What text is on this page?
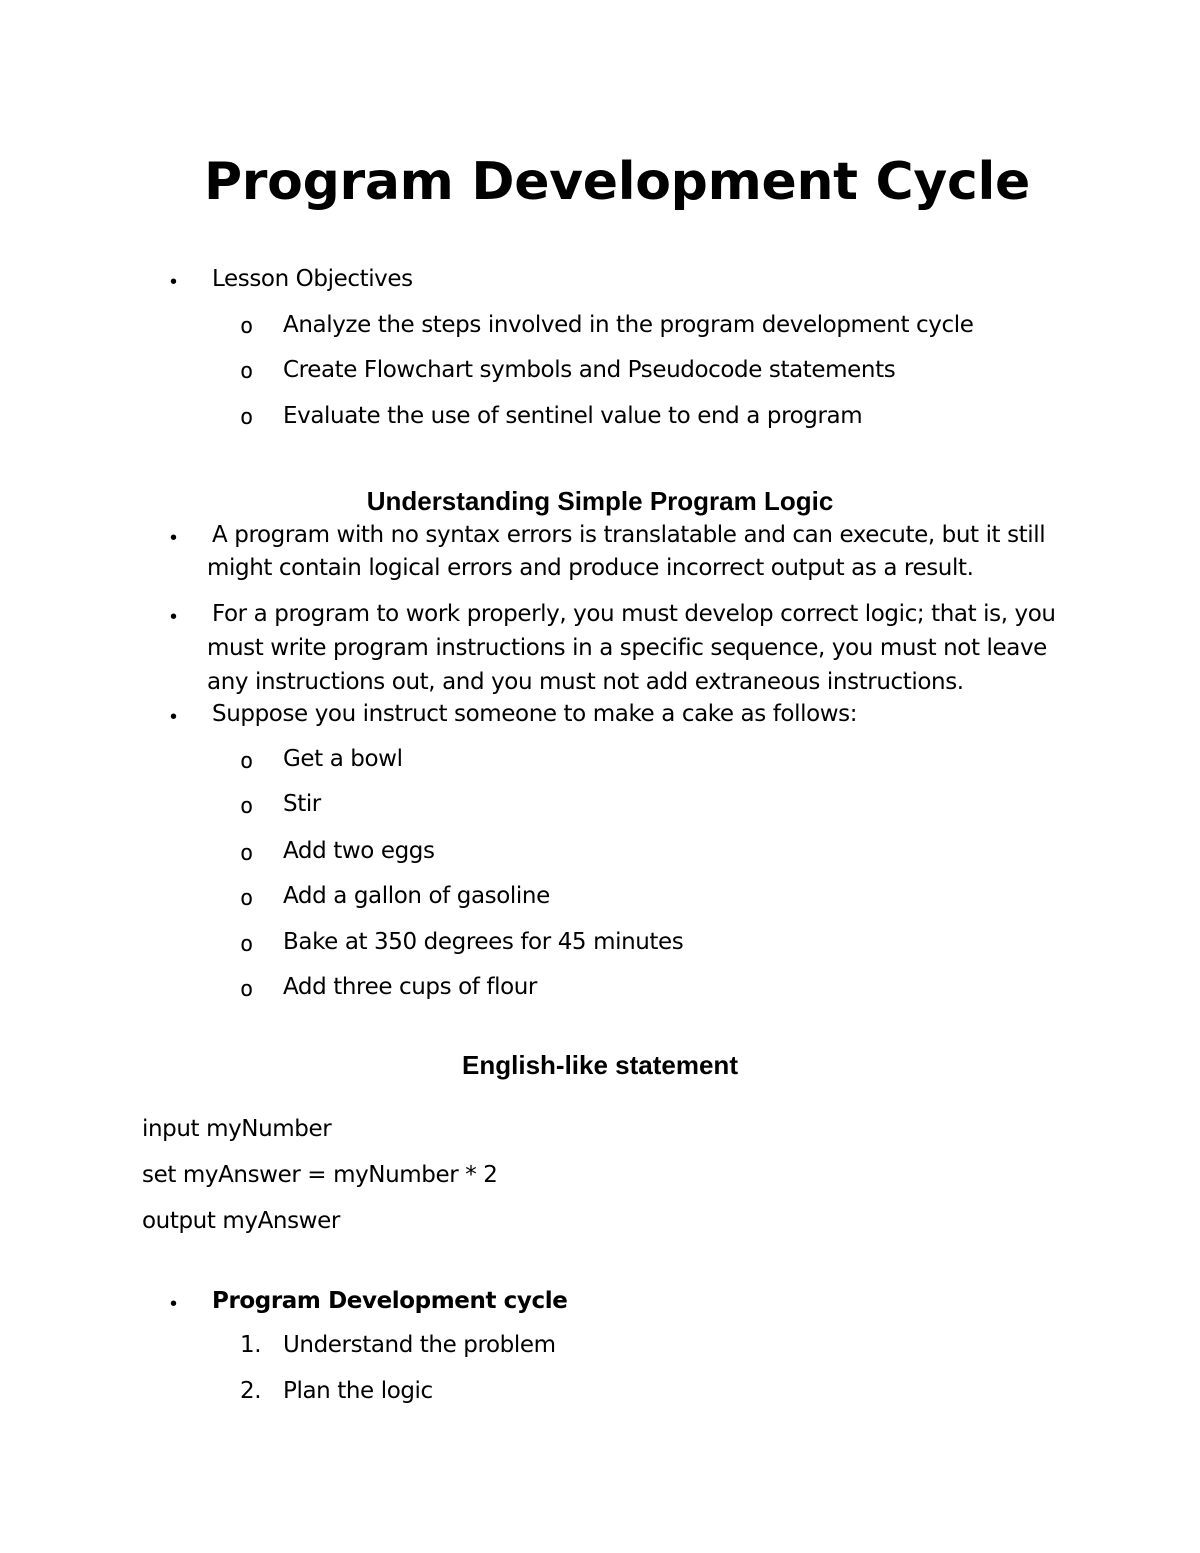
Program Development Cycle
• Lesson Objectives
o Analyze the steps involved in the program development cycle
o Create Flowchart symbols and Pseudocode statements
o Evaluate the use of sentinel value to end a program
Understanding Simple Program Logic
• A program with no syntax errors is translatable and can execute, but it still
might contain logical errors and produce incorrect output as a result.
• For a program to work properly, you must develop correct logic; that is, you
must write program instructions in a specific sequence, you must not leave
any instructions out, and you must not add extraneous instructions.
• Suppose you instruct someone to make a cake as follows:
o Get a bowl
o Stir
o Add two eggs
o Add a gallon of gasoline
o Bake at 350 degrees for 45 minutes
o Add three cups of flour
English-like statement
input myNumber
set myAnswer = myNumber * 2
output myAnswer
• Program Development cycle
1. Understand the problem
2. Plan the logic
